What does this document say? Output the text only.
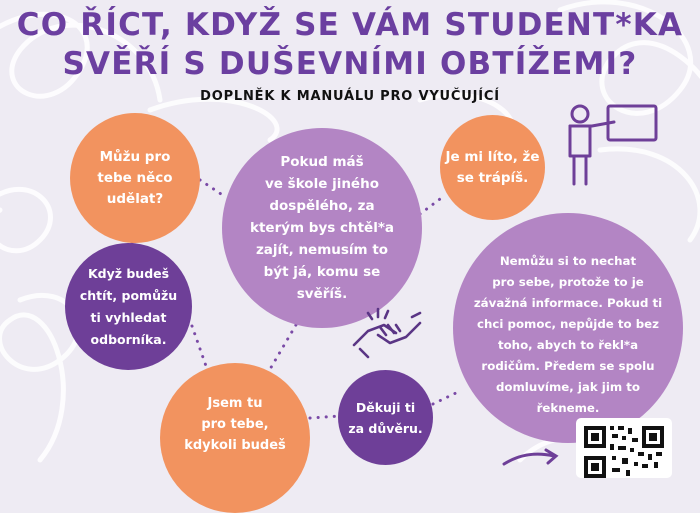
CO ŘÍCT, KDYŽ SE VÁM STUDENT*KA
SVĚŘÍ S DUŠEVNÍMI OBTÍŽEMI?
DOPLNĚK K MANUÁLU PRO VYUČUJÍCÍ
Můžu pro
tebe něco
udělat?
Pokud máš
ve škole jiného
dospělého, za
kterým bys chtěl*a
zajít, nemusím to
být já, komu se
svěříš.
Je mi líto, že
se trápíš.
Když budeš
chtít, pomůžu
ti vyhledat
odborníka.
Nemůžu si to nechat
pro sebe, protože to je
závažná informace. Pokud ti
chci pomoc, nepůjde to bez
toho, abych to řekl*a
rodičům. Předem se spolu
domluvíme, jak jim to
řekneme.
Děkuji ti
za důvěru.
Jsem tu
pro tebe,
kdykoli budeš
